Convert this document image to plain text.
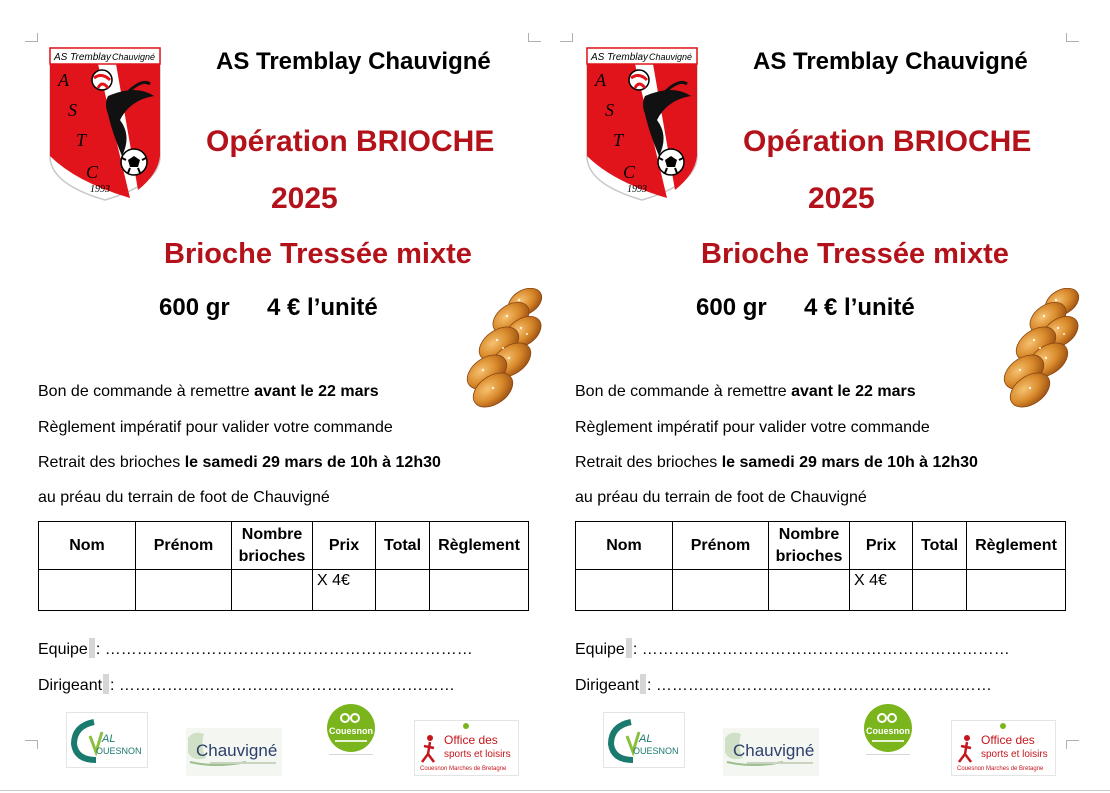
AS Tremblay Chauvigné
A
S
T
C
1993
AS Tremblay Chauvigné
Opération BRIOCHE
2025
Brioche Tressée mixte
600 gr 4 € l’unité
Bon de commande à remettre avant le 22 mars
Règlement impératif pour valider votre commande
Retrait des brioches le samedi 29 mars de 10h à 12h30
au préau du terrain de foot de Chauvigné
Nom	Prénom	Nombre brioches	Prix	Total	Règlement
			X 4€		
Equipe : ……………………………………………………………
Dirigeant : ………………………………………………………
AL
OUESNON	Chauvigné
Couesnon
Office des
sports et loisirs
Couesnon Marches de Bretagne
AS Tremblay Chauvigné
A
S
T
C
1993
AS Tremblay Chauvigné
Opération BRIOCHE
2025
Brioche Tressée mixte
600 gr 4 € l’unité
Bon de commande à remettre avant le 22 mars
Règlement impératif pour valider votre commande
Retrait des brioches le samedi 29 mars de 10h à 12h30
au préau du terrain de foot de Chauvigné
Nom	Prénom	Nombre brioches	Prix	Total	Règlement
			X 4€		
Equipe : ……………………………………………………………
Dirigeant : ………………………………………………………
AL
OUESNON	Chauvigné
Couesnon
Office des
sports et loisirs
Couesnon Marches de Bretagne
